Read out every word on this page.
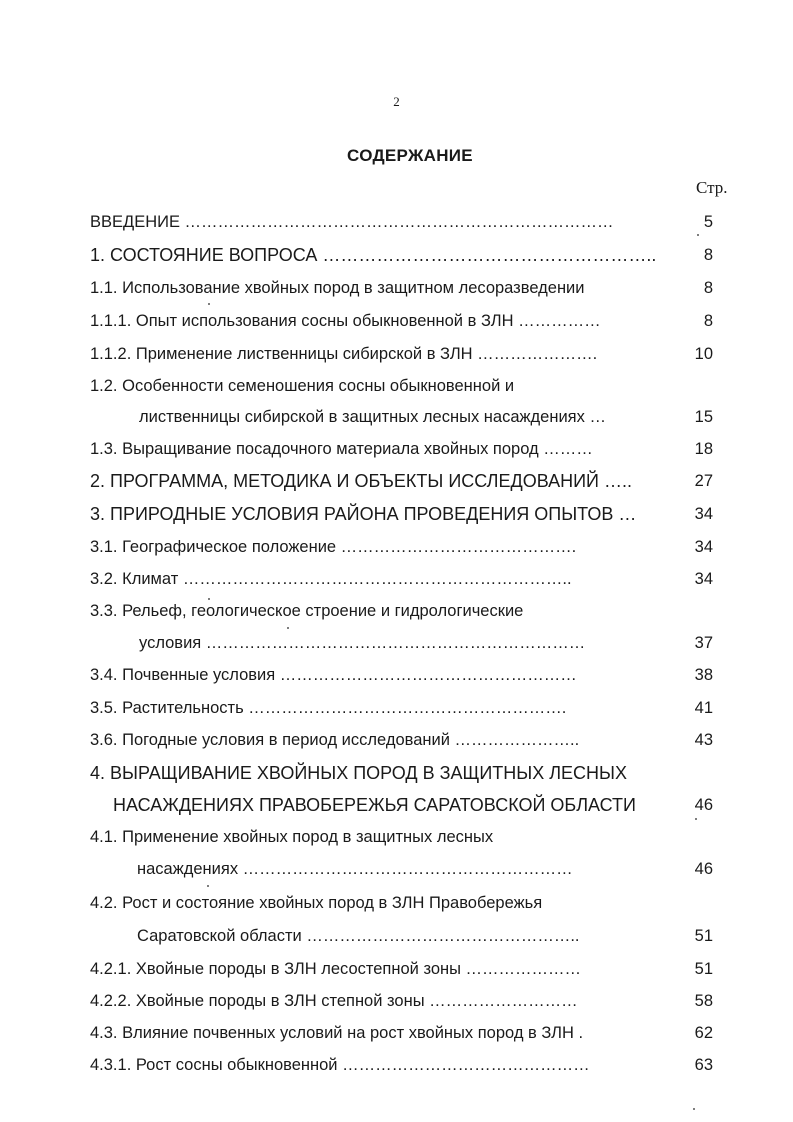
2
СОДЕРЖАНИЕ
Стр.
ВВЕДЕНИЕ ……………………………………………………………………	5
1. СОСТОЯНИЕ ВОПРОСА ………………………………………………..	8
1.1. Использование хвойных пород в защитном лесоразведении	8
1.1.1. Опыт использования сосны обыкновенной в ЗЛН ……………	8
1.1.2. Применение лиственницы сибирской в ЗЛН ………………….	10
1.2. Особенности семеношения сосны обыкновенной и
лиственницы сибирской в защитных лесных насаждениях …	15
1.3. Выращивание посадочного материала хвойных пород ………	18
2. ПРОГРАММА, МЕТОДИКА И ОБЪЕКТЫ ИССЛЕДОВАНИЙ …..	27
3. ПРИРОДНЫЕ УСЛОВИЯ РАЙОНА ПРОВЕДЕНИЯ ОПЫТОВ …	34
3.1. Географическое положение …………………………………….	34
3.2. Климат ……………………………………………………………..	34
3.3. Рельеф, геологическое строение и гидрологические
условия ……………………………………………………………	37
3.4. Почвенные условия ………………………………………………	38
3.5. Растительность ………………………………………………….	41
3.6. Погодные условия в период исследований …………………..	43
4. ВЫРАЩИВАНИЕ ХВОЙНЫХ ПОРОД В ЗАЩИТНЫХ ЛЕСНЫХ
НАСАЖДЕНИЯХ ПРАВОБЕРЕЖЬЯ САРАТОВСКОЙ ОБЛАСТИ	46
4.1. Применение хвойных пород в защитных лесных
насаждениях ……………………………………………………	46
4.2. Рост и состояние хвойных пород в ЗЛН Правобережья
Саратовской области …………………………………………..	51
4.2.1. Хвойные породы в ЗЛН лесостепной зоны …………………	51
4.2.2. Хвойные породы в ЗЛН степной зоны ………………………	58
4.3. Влияние почвенных условий на рост хвойных пород в ЗЛН .	62
4.3.1. Рост сосны обыкновенной ………………………………………	63
